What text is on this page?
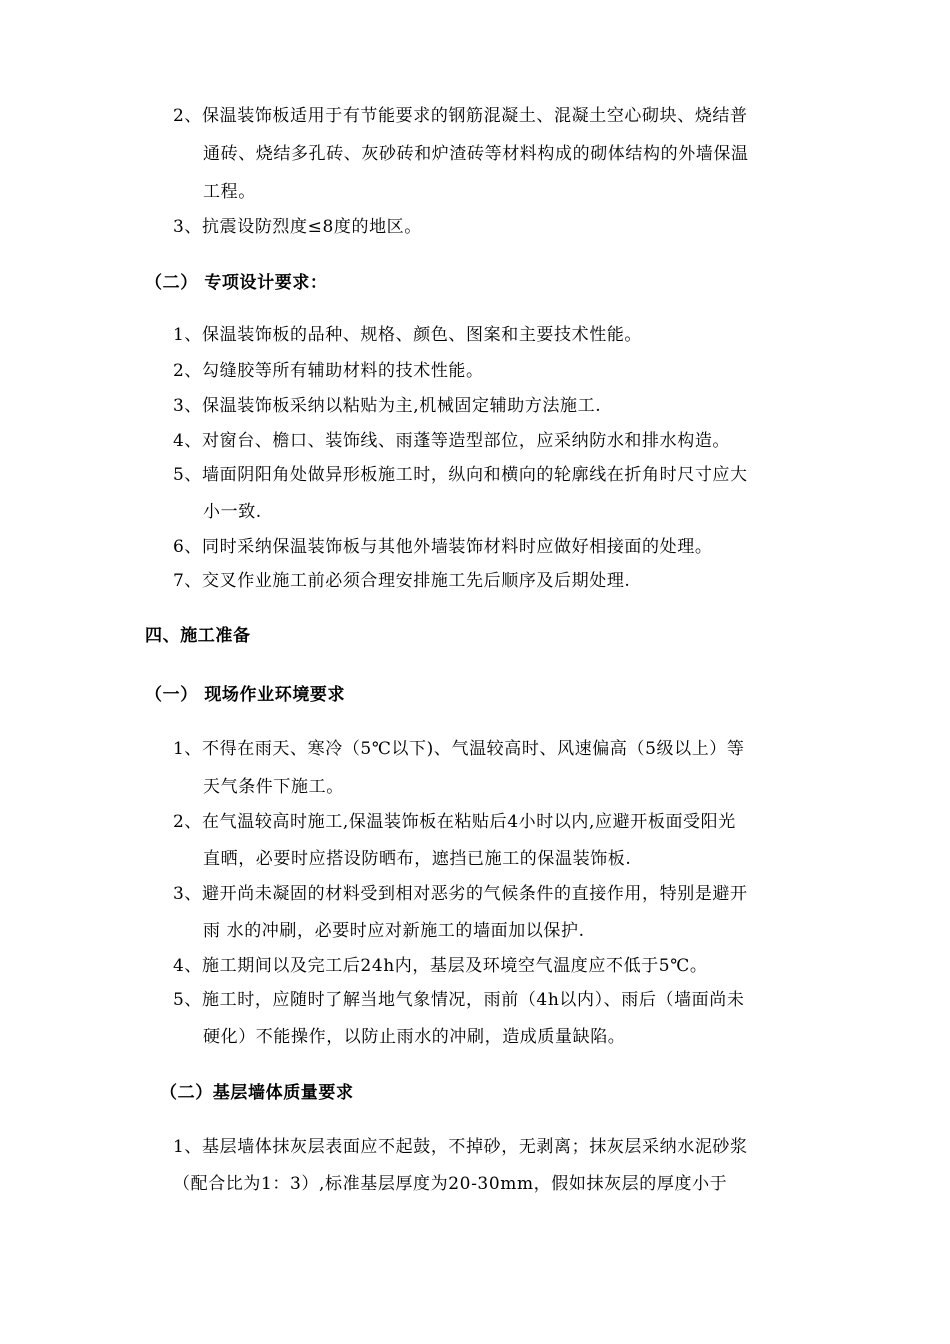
2、保温装饰板适用于有节能要求的钢筋混凝土、混凝土空心砌块、烧结普
通砖、烧结多孔砖、灰砂砖和炉渣砖等材料构成的砌体结构的外墙保温
工程。
3、抗震设防烈度≤8度的地区。
（二） 专项设计要求：
1、保温装饰板的品种、规格、颜色、图案和主要技术性能。
2、勾缝胶等所有辅助材料的技术性能。
3、保温装饰板采纳以粘贴为主,机械固定辅助方法施工.
4、对窗台、檐口、装饰线、雨蓬等造型部位，应采纳防水和排水构造。
5、墙面阴阳角处做异形板施工时，纵向和横向的轮廓线在折角时尺寸应大
小一致.
6、同时采纳保温装饰板与其他外墙装饰材料时应做好相接面的处理。
7、交叉作业施工前必须合理安排施工先后顺序及后期处理.
四、施工准备
（一） 现场作业环境要求
1、不得在雨天、寒冷（5℃以下)、气温较高时、风速偏高（5级以上）等
天气条件下施工。
2、在气温较高时施工,保温装饰板在粘贴后4小时以内,应避开板面受阳光
直晒，必要时应搭设防晒布，遮挡已施工的保温装饰板.
3、避开尚未凝固的材料受到相对恶劣的气候条件的直接作用，特别是避开
雨 水的冲刷，必要时应对新施工的墙面加以保护.
4、施工期间以及完工后24h内，基层及环境空气温度应不低于5℃。
5、施工时，应随时了解当地气象情况，雨前（4h以内）、雨后（墙面尚未
硬化）不能操作，以防止雨水的冲刷，造成质量缺陷。
（二）基层墙体质量要求
1、基层墙体抹灰层表面应不起鼓，不掉砂，无剥离；抹灰层采纳水泥砂浆
（配合比为1：3）,标准基层厚度为20-30mm，假如抹灰层的厚度小于
